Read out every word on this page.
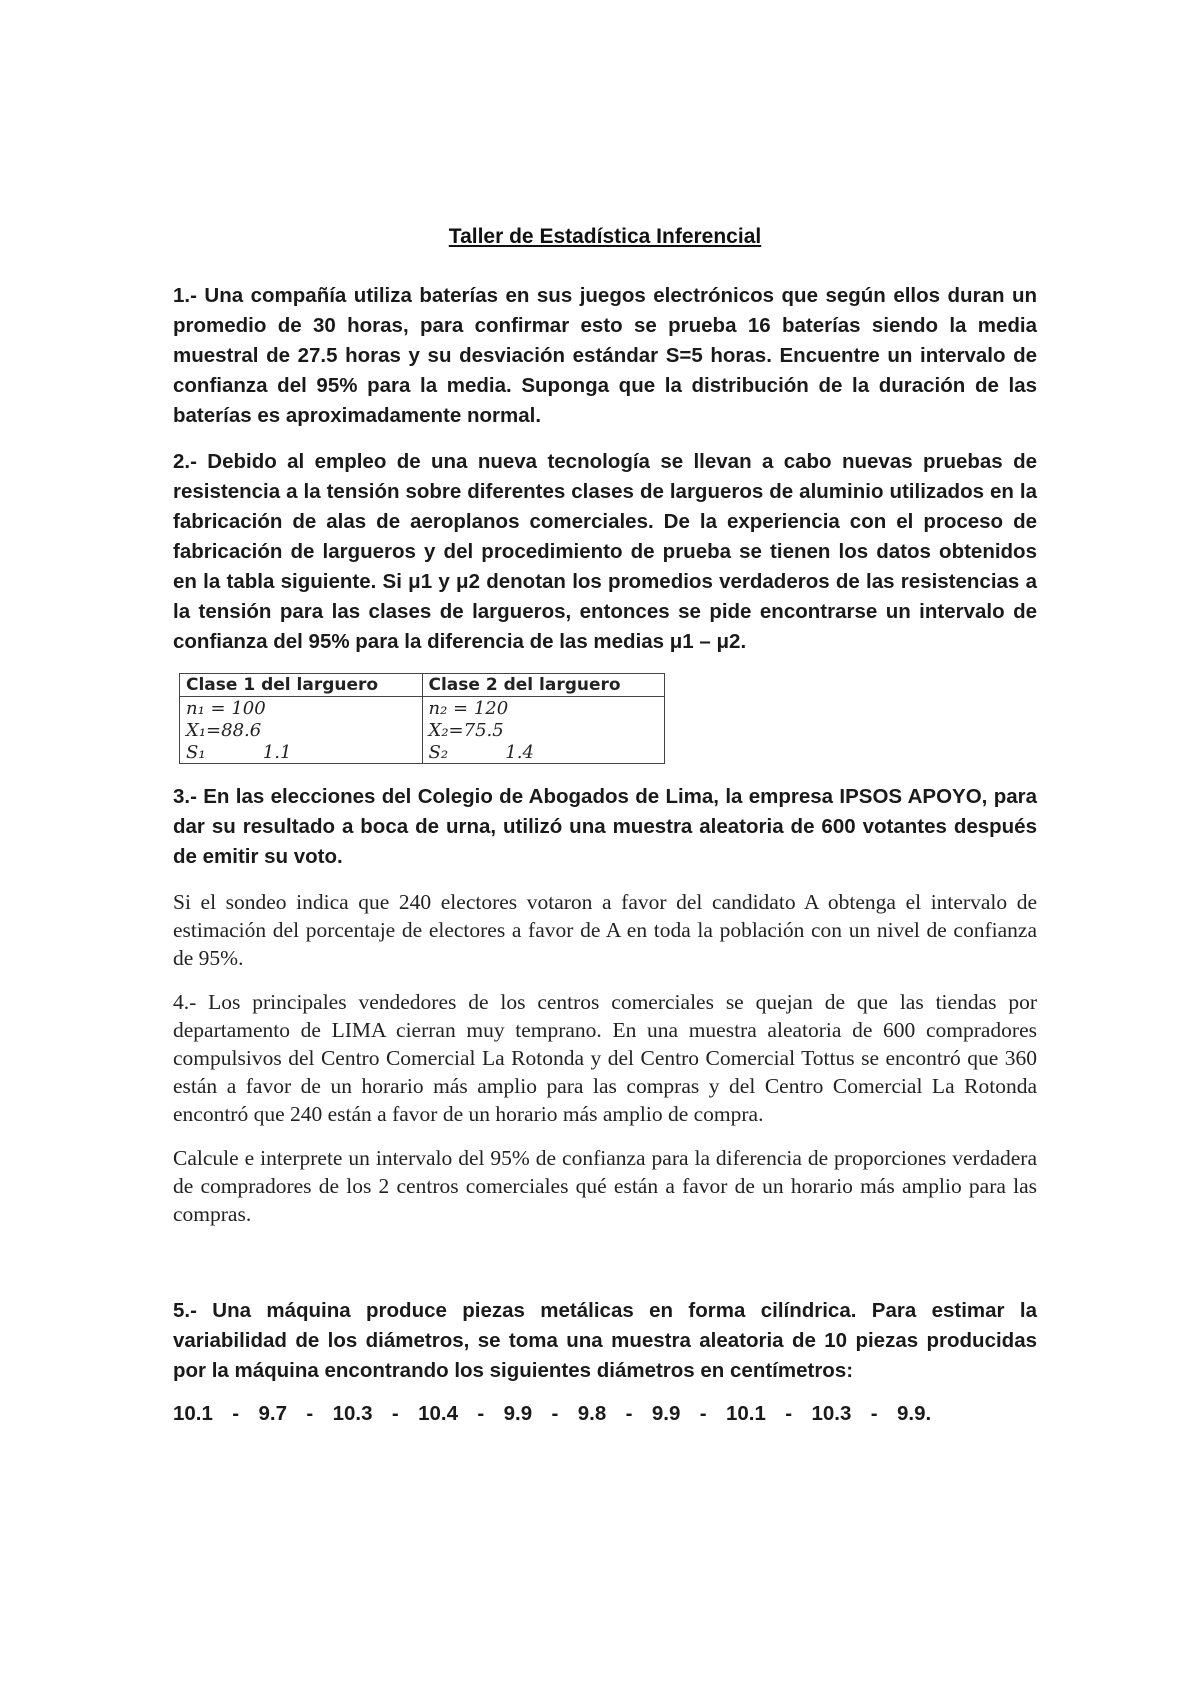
Taller de Estadística Inferencial

1.- Una compañía utiliza baterías en sus juegos electrónicos que según ellos duran un promedio de 30 horas, para confirmar esto se prueba 16 baterías siendo la media muestral de 27.5 horas y su desviación estándar S=5 horas. Encuentre un intervalo de confianza del 95% para la media. Suponga que la distribución de la duración de las baterías es aproximadamente normal.

2.- Debido al empleo de una nueva tecnología se llevan a cabo nuevas pruebas de resistencia a la tensión sobre diferentes clases de largueros de aluminio utilizados en la fabricación de alas de aeroplanos comerciales. De la experiencia con el proceso de fabricación de largueros y del procedimiento de prueba se tienen los datos obtenidos en la tabla siguiente. Si μ1 y μ2 denotan los promedios verdaderos de las resistencias a la tensión para las clases de largueros, entonces se pide encontrarse un intervalo de confianza del 95% para la diferencia de las medias μ1 – μ2.

Clase 1 del larguero	Clase 2 del larguero
n₁ = 100	n₂ = 120
X₁=88.6	X₂=75.5
S₁          1.1	S₂          1.4

3.- En las elecciones del Colegio de Abogados de Lima, la empresa IPSOS APOYO, para dar su resultado a boca de urna, utilizó una muestra aleatoria de 600 votantes después de emitir su voto.

Si el sondeo indica que 240 electores votaron a favor del candidato A obtenga el intervalo de estimación del porcentaje de electores a favor de A en toda la población con un nivel de confianza de 95%.

4.- Los principales vendedores de los centros comerciales se quejan de que las tiendas por departamento de LIMA cierran muy temprano. En una muestra aleatoria de 600 compradores compulsivos del Centro Comercial La Rotonda y del Centro Comercial Tottus se encontró que 360 están a favor de un horario más amplio para las compras y del Centro Comercial La Rotonda encontró que 240 están a favor de un horario más amplio de compra.

Calcule e interprete un intervalo del 95% de confianza para la diferencia de proporciones verdadera de compradores de los 2 centros comerciales qué están a favor de un horario más amplio para las compras.

5.- Una máquina produce piezas metálicas en forma cilíndrica. Para estimar la variabilidad de los diámetros, se toma una muestra aleatoria de 10 piezas producidas por la máquina encontrando los siguientes diámetros en centímetros:

10.1  -  9.7  -  10.3  -  10.4  -  9.9  -  9.8  -  9.9  -  10.1  -  10.3  -  9.9.
